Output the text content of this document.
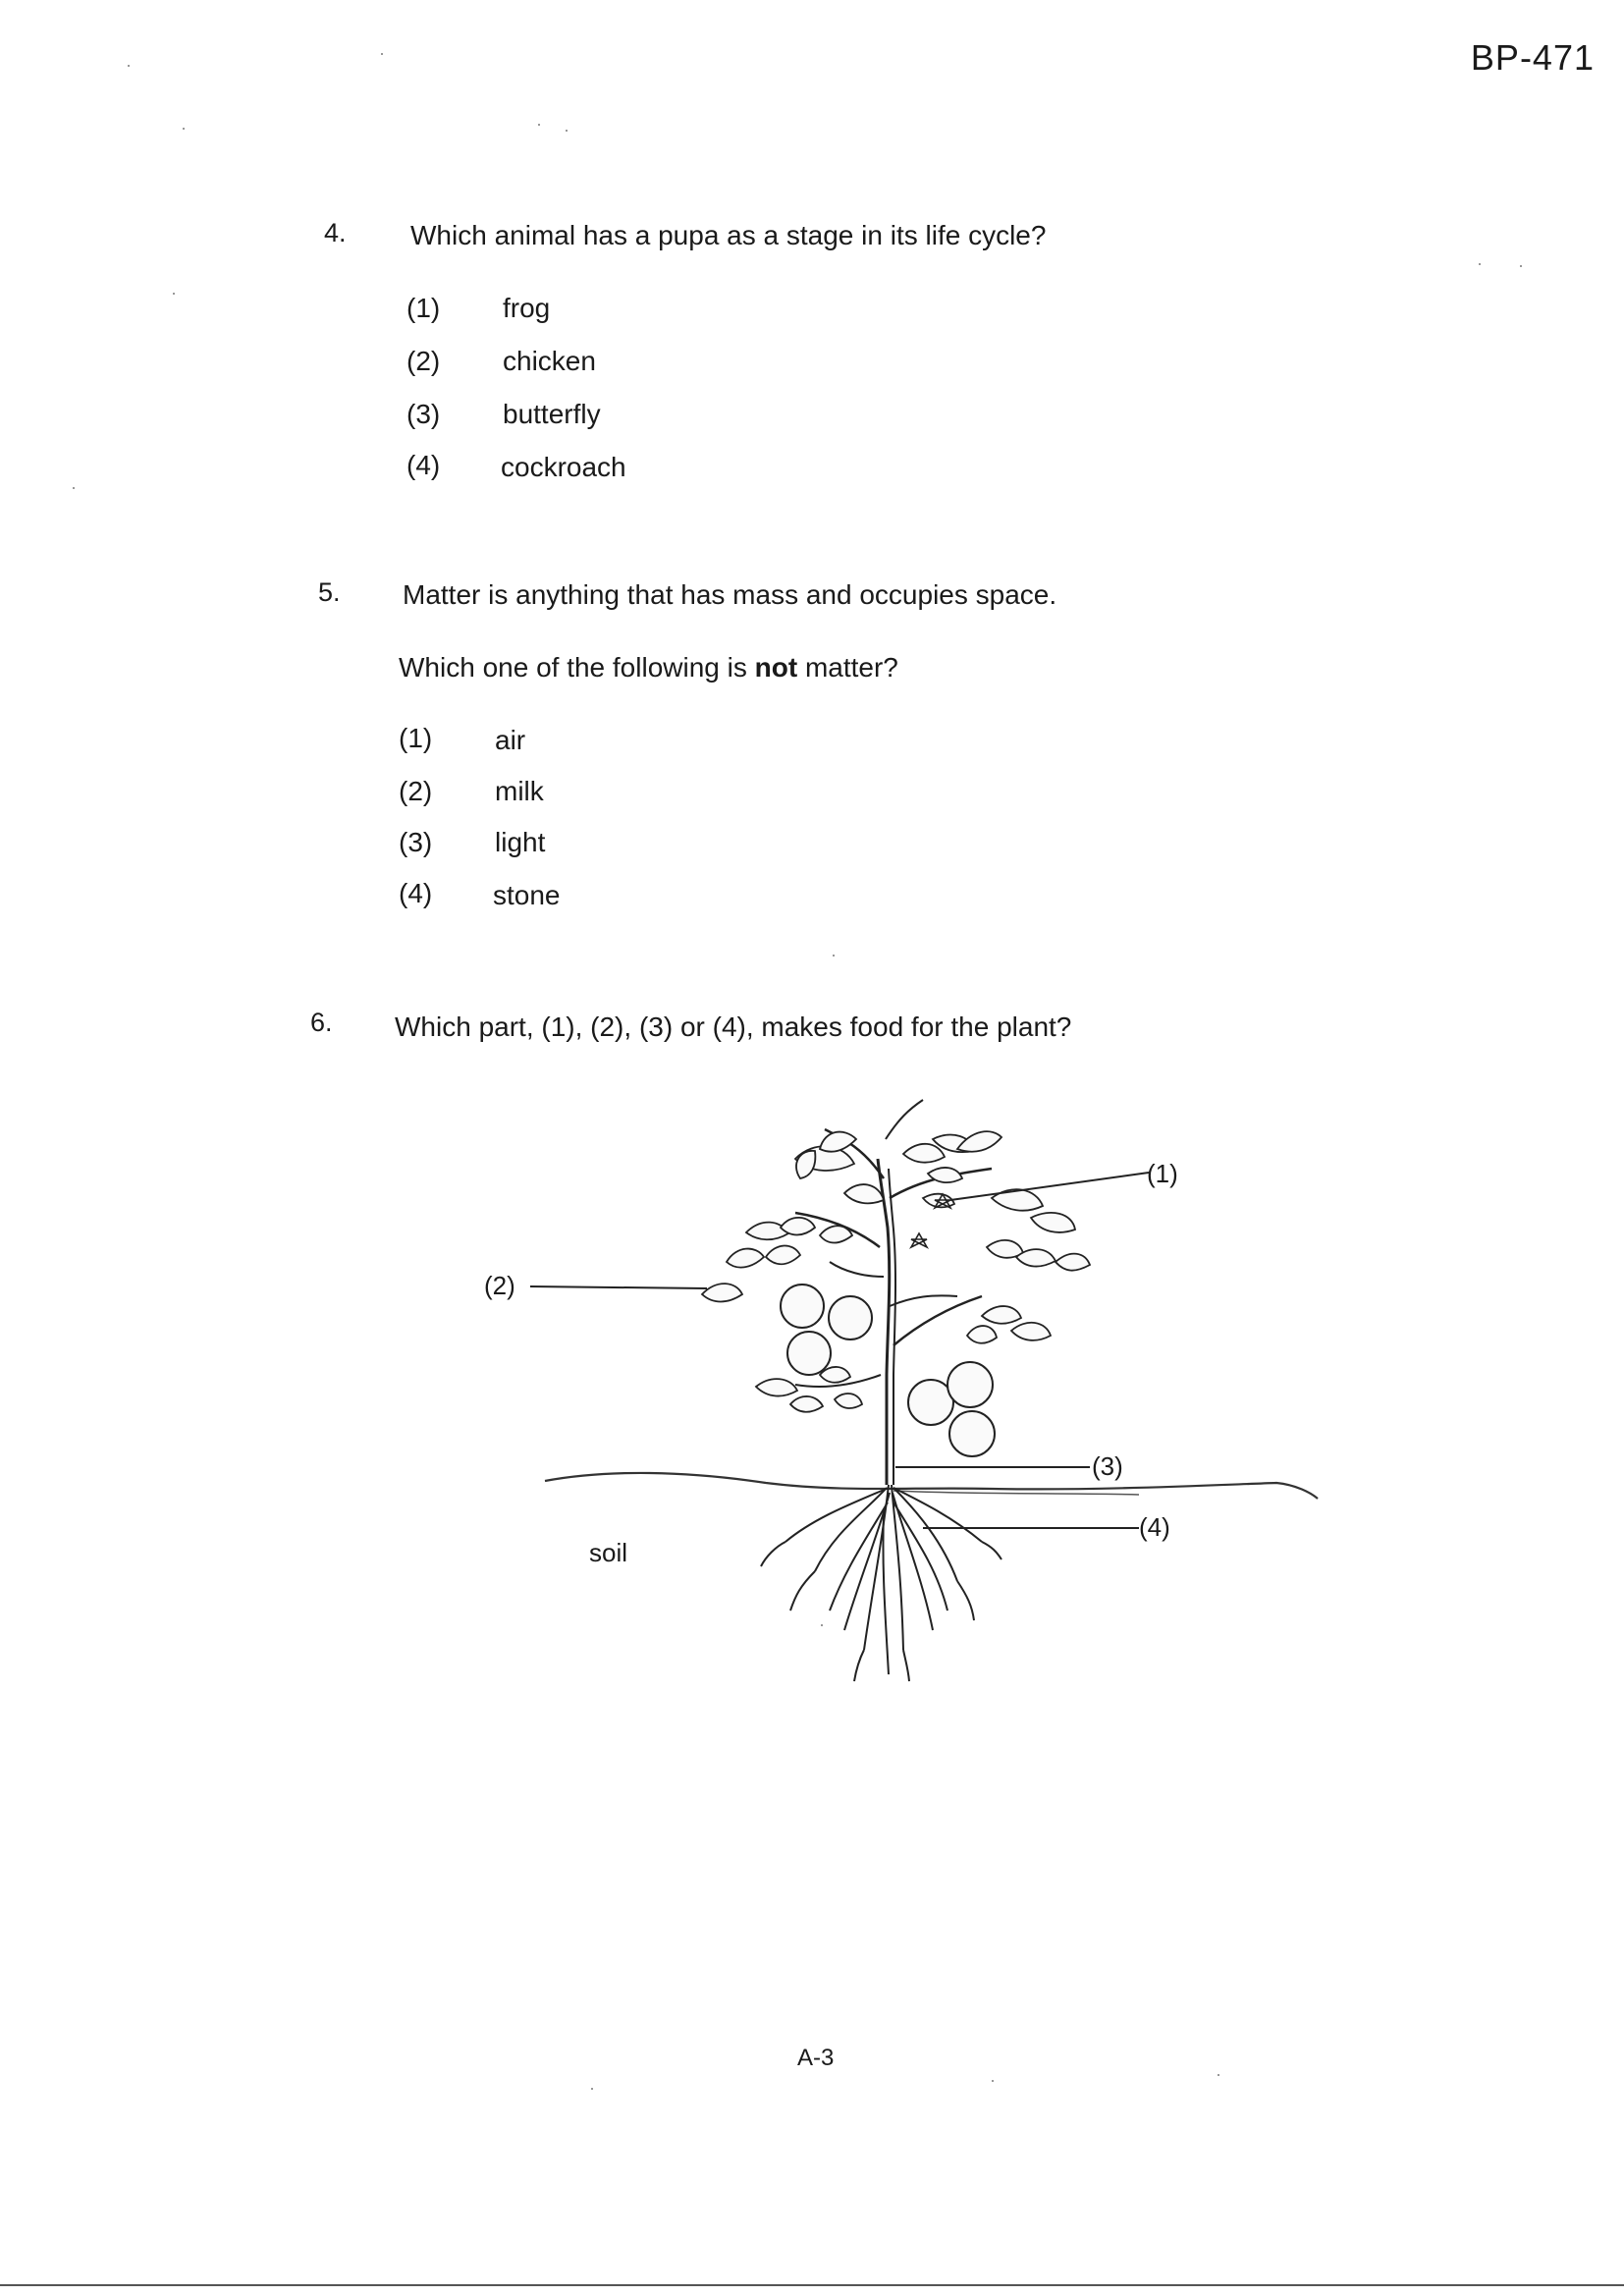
BP-471
4. Which animal has a pupa as a stage in its life cycle?
(1) frog
(2) chicken
(3) butterfly
(4) cockroach
5. Matter is anything that has mass and occupies space.
Which one of the following is not matter?
(1) air
(2) milk
(3) light
(4) stone
6. Which part, (1), (2), (3) or (4), makes food for the plant?
(1)
(2)
(3)
(4)
soil
A-3
